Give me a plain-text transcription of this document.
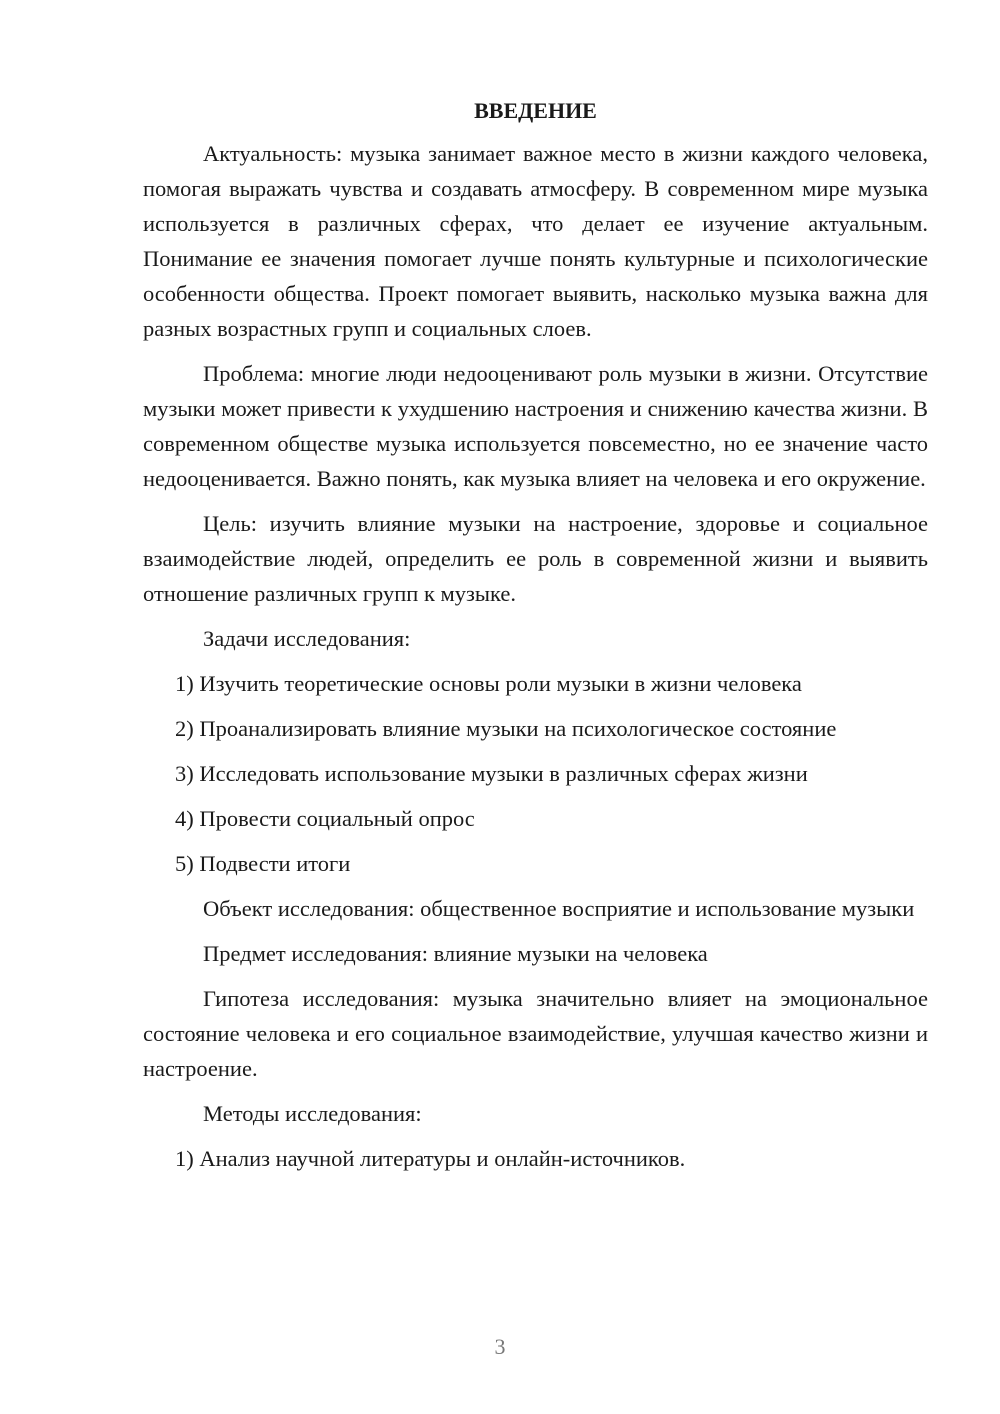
ВВЕДЕНИЕ

Актуальность: музыка занимает важное место в жизни каждого человека, помогая выражать чувства и создавать атмосферу. В современном мире музыка используется в различных сферах, что делает ее изучение актуальным. Понимание ее значения помогает лучше понять культурные и психологические особенности общества. Проект помогает выявить, насколько музыка важна для разных возрастных групп и социальных слоев.

Проблема: многие люди недооценивают роль музыки в жизни. Отсутствие музыки может привести к ухудшению настроения и снижению качества жизни. В современном обществе музыка используется повсеместно, но ее значение часто недооценивается. Важно понять, как музыка влияет на человека и его окружение.

Цель: изучить влияние музыки на настроение, здоровье и социальное взаимодействие людей, определить ее роль в современной жизни и выявить отношение различных групп к музыке.

Задачи исследования:
1) Изучить теоретические основы роли музыки в жизни человека
2) Проанализировать влияние музыки на психологическое состояние
3) Исследовать использование музыки в различных сферах жизни
4) Провести социальный опрос
5) Подвести итоги

Объект исследования: общественное восприятие и использование музыки

Предмет исследования: влияние музыки на человека

Гипотеза исследования: музыка значительно влияет на эмоциональное состояние человека и его социальное взаимодействие, улучшая качество жизни и настроение.

Методы исследования:
1) Анализ научной литературы и онлайн-источников.
3
